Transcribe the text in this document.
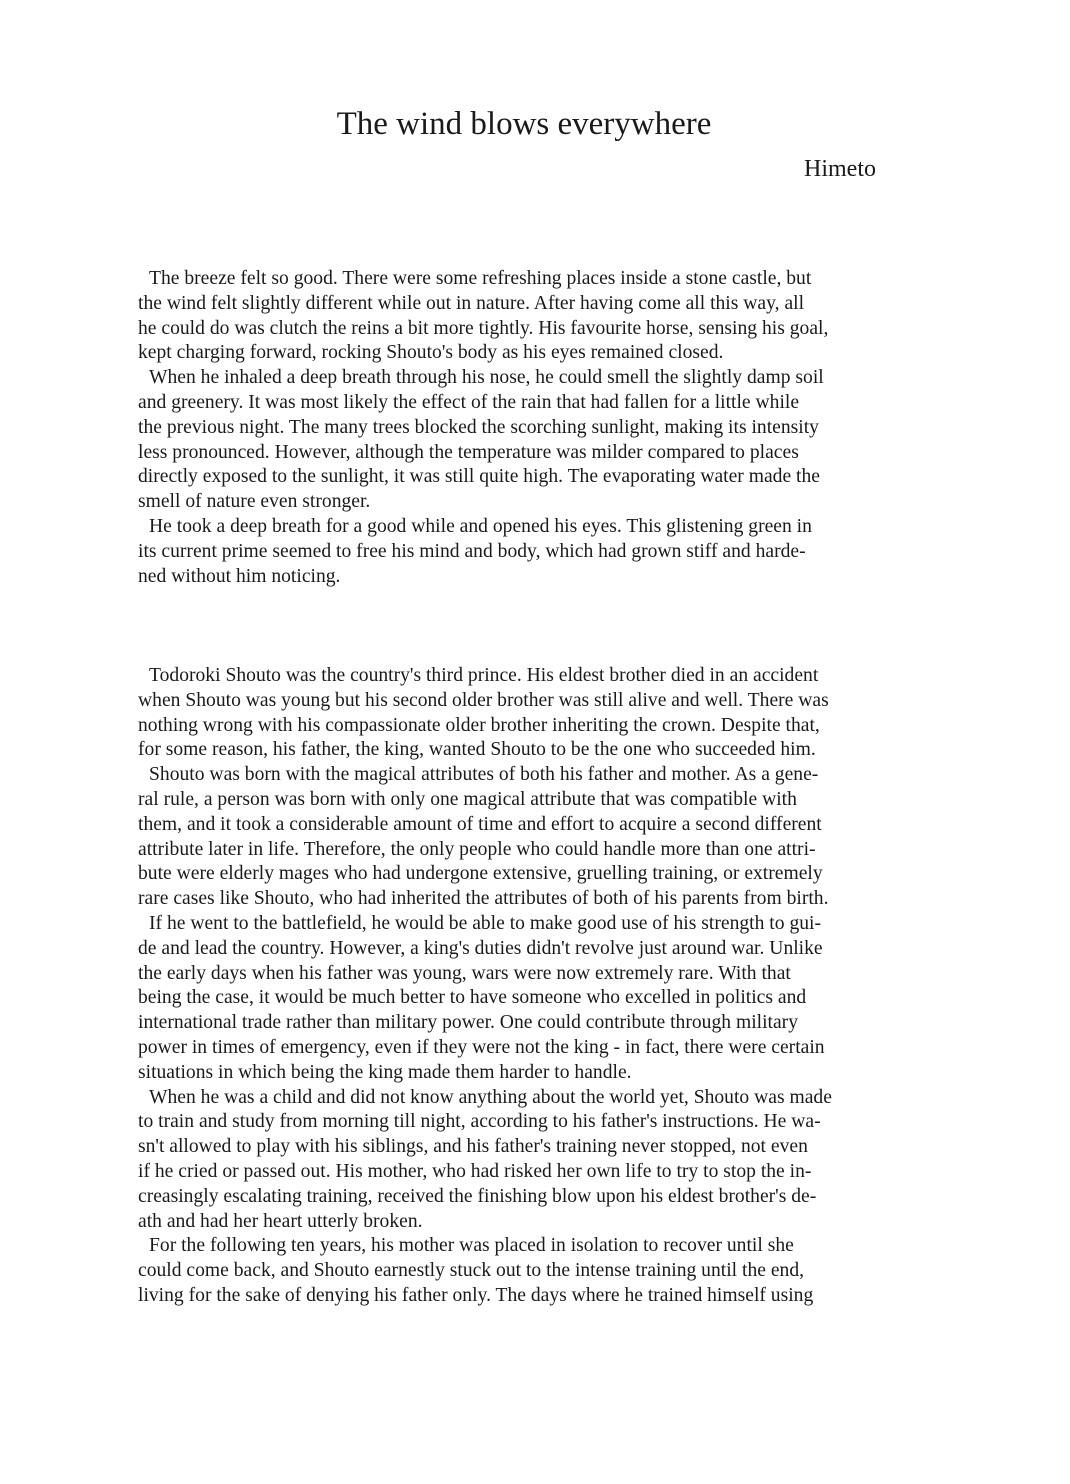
The wind blows everywhere
Himeto
The breeze felt so good. There were some refreshing places inside a stone castle, but
the wind felt slightly different while out in nature. After having come all this way, all
he could do was clutch the reins a bit more tightly. His favourite horse, sensing his goal,
kept charging forward, rocking Shouto's body as his eyes remained closed.
When he inhaled a deep breath through his nose, he could smell the slightly damp soil
and greenery. It was most likely the effect of the rain that had fallen for a little while
the previous night. The many trees blocked the scorching sunlight, making its intensity
less pronounced. However, although the temperature was milder compared to places
directly exposed to the sunlight, it was still quite high. The evaporating water made the
smell of nature even stronger.
He took a deep breath for a good while and opened his eyes. This glistening green in
its current prime seemed to free his mind and body, which had grown stiff and harde-
ned without him noticing.
Todoroki Shouto was the country's third prince. His eldest brother died in an accident
when Shouto was young but his second older brother was still alive and well. There was
nothing wrong with his compassionate older brother inheriting the crown. Despite that,
for some reason, his father, the king, wanted Shouto to be the one who succeeded him.
Shouto was born with the magical attributes of both his father and mother. As a gene-
ral rule, a person was born with only one magical attribute that was compatible with
them, and it took a considerable amount of time and effort to acquire a second different
attribute later in life. Therefore, the only people who could handle more than one attri-
bute were elderly mages who had undergone extensive, gruelling training, or extremely
rare cases like Shouto, who had inherited the attributes of both of his parents from birth.
If he went to the battlefield, he would be able to make good use of his strength to gui-
de and lead the country. However, a king's duties didn't revolve just around war. Unlike
the early days when his father was young, wars were now extremely rare. With that
being the case, it would be much better to have someone who excelled in politics and
international trade rather than military power. One could contribute through military
power in times of emergency, even if they were not the king - in fact, there were certain
situations in which being the king made them harder to handle.
When he was a child and did not know anything about the world yet, Shouto was made
to train and study from morning till night, according to his father's instructions. He wa-
sn't allowed to play with his siblings, and his father's training never stopped, not even
if he cried or passed out. His mother, who had risked her own life to try to stop the in-
creasingly escalating training, received the finishing blow upon his eldest brother's de-
ath and had her heart utterly broken.
For the following ten years, his mother was placed in isolation to recover until she
could come back, and Shouto earnestly stuck out to the intense training until the end,
living for the sake of denying his father only. The days where he trained himself using
